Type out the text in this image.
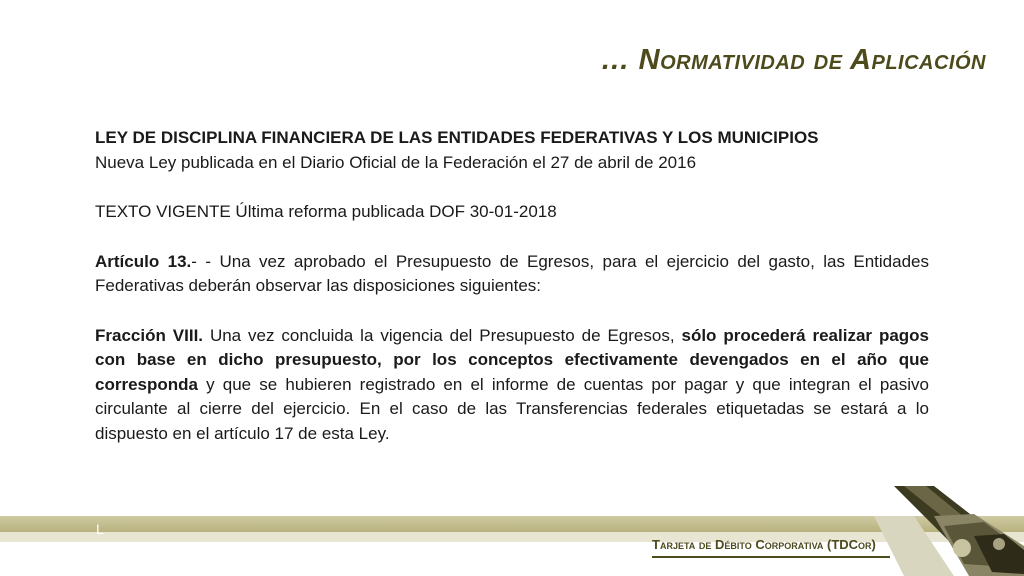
… Normatividad de Aplicación

LEY DE DISCIPLINA FINANCIERA DE LAS ENTIDADES FEDERATIVAS Y LOS MUNICIPIOS

Nueva Ley publicada en el Diario Oficial de la Federación el 27 de abril de 2016

TEXTO VIGENTE Última reforma publicada DOF 30-01-2018

Artículo 13.- - Una vez aprobado el Presupuesto de Egresos, para el ejercicio del gasto, las Entidades Federativas deberán observar las disposiciones siguientes:

Fracción VIII. Una vez concluida la vigencia del Presupuesto de Egresos, sólo procederá realizar pagos con base en dicho presupuesto, por los conceptos efectivamente devengados en el año que corresponda y que se hubieren registrado en el informe de cuentas por pagar y que integran el pasivo circulante al cierre del ejercicio. En el caso de las Transferencias federales etiquetadas se estará a lo dispuesto en el artículo 17 de esta Ley.

L
Tarjeta de Débito Corporativa (TDCor)
